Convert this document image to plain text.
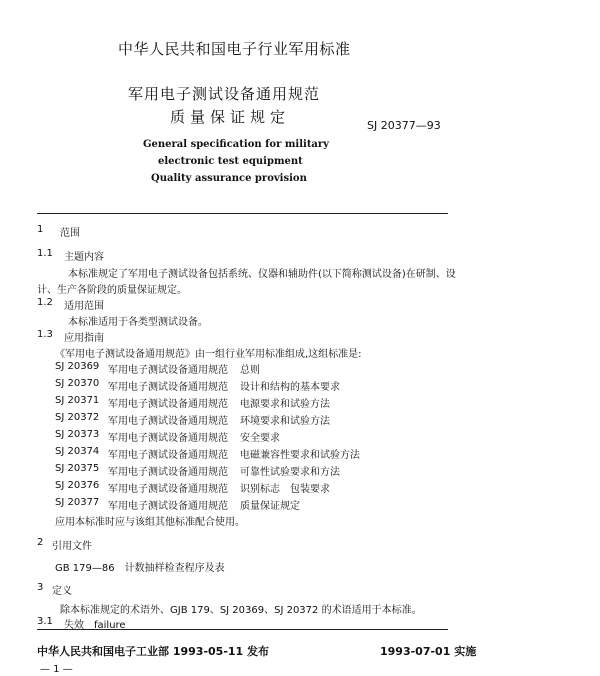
中华人民共和国电子行业军用标准
军用电子测试设备通用规范
质量保证规定	SJ 20377—93
General specification for military
electronic test equipment
Quality assurance provision
1 范围
1.1 主题内容
本标准规定了军用电子测试设备包括系统、仪器和辅助件(以下简称测试设备)在研制、设
计、生产各阶段的质量保证规定。
1.2 适用范围
本标准适用于各类型测试设备。
1.3 应用指南
《军用电子测试设备通用规范》由一组行业军用标准组成,这组标准是:
SJ 20369 军用电子测试设备通用规范 总则
SJ 20370 军用电子测试设备通用规范 设计和结构的基本要求
SJ 20371 军用电子测试设备通用规范 电源要求和试验方法
SJ 20372 军用电子测试设备通用规范 环境要求和试验方法
SJ 20373 军用电子测试设备通用规范 安全要求
SJ 20374 军用电子测试设备通用规范 电磁兼容性要求和试验方法
SJ 20375 军用电子测试设备通用规范 可靠性试验要求和方法
SJ 20376 军用电子测试设备通用规范 识别标志　包装要求
SJ 20377 军用电子测试设备通用规范 质量保证规定
应用本标准时应与该组其他标准配合使用。
2 引用文件
GB 179—86　计数抽样检查程序及表
3 定义
除本标准规定的术语外、GJB 179、SJ 20369、SJ 20372 的术语适用于本标准。
3.1 失效　failure
中华人民共和国电子工业部 1993-05-11 发布	1993-07-01 实施
— 1 —
